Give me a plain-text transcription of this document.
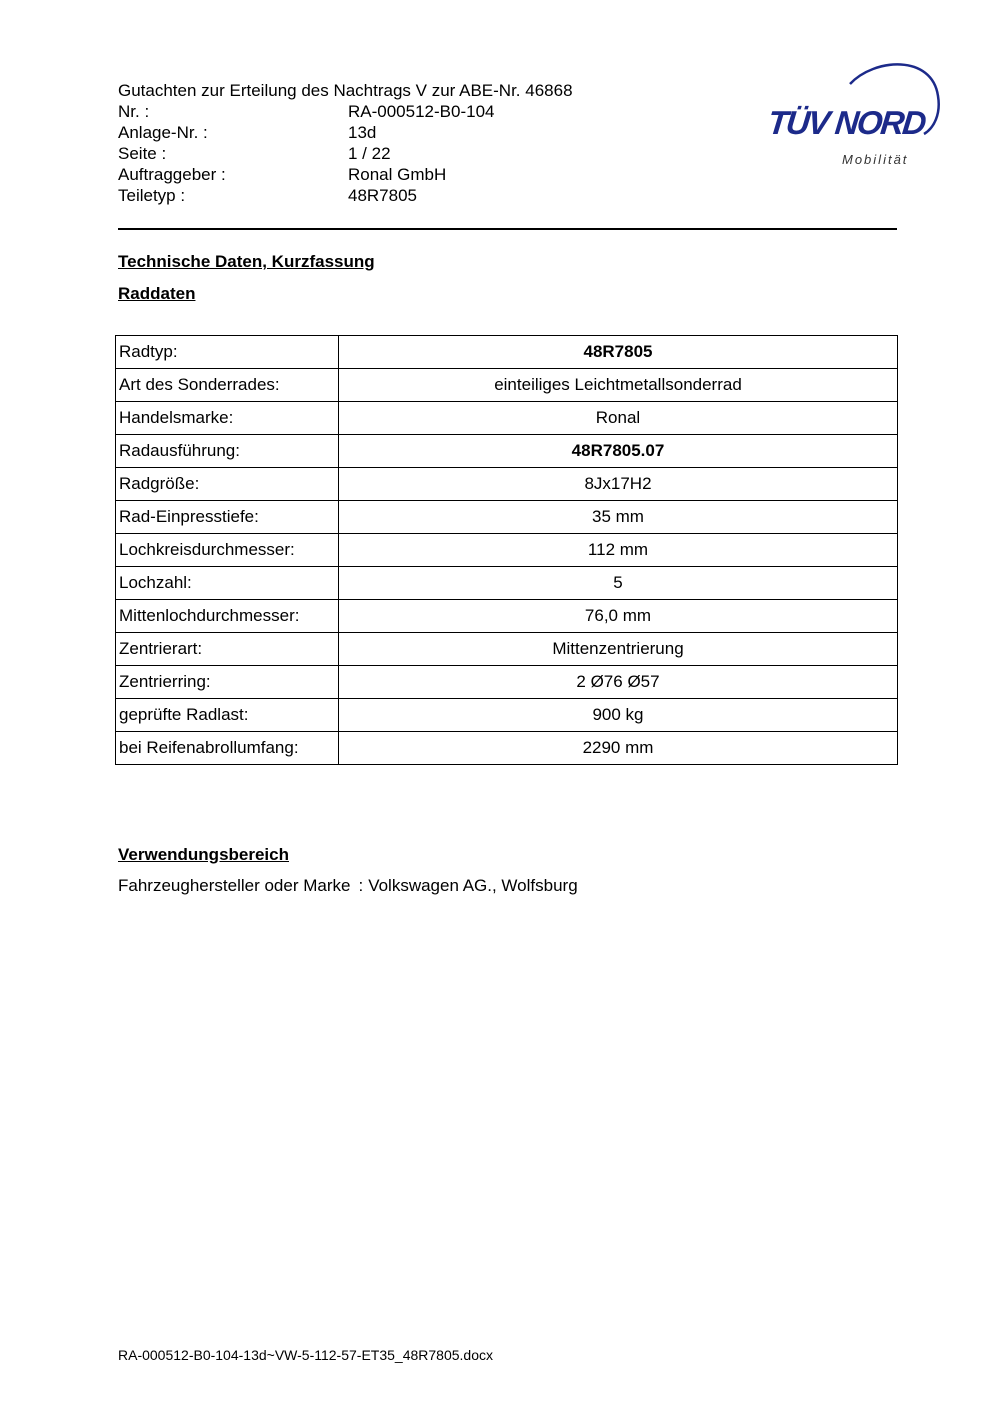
Gutachten zur Erteilung des Nachtrags V zur ABE-Nr. 46868
Nr. :	RA-000512-B0-104
Anlage-Nr. :	13d
Seite :	1 / 22
Auftraggeber :	Ronal GmbH
Teiletyp :	48R7805
TÜV NORD
Mobilität
Technische Daten, Kurzfassung
Raddaten
Radtyp:	48R7805
Art des Sonderrades:	einteiliges Leichtmetallsonderrad
Handelsmarke:	Ronal
Radausführung:	48R7805.07
Radgröße:	8Jx17H2
Rad-Einpresstiefe:	35 mm
Lochkreisdurchmesser:	112 mm
Lochzahl:	5
Mittenlochdurchmesser:	76,0 mm
Zentrierart:	Mittenzentrierung
Zentrierring:	2 Ø76 Ø57
geprüfte Radlast:	900 kg
bei Reifenabrollumfang:	2290 mm
Verwendungsbereich
Fahrzeughersteller oder Marke : Volkswagen AG., Wolfsburg
RA-000512-B0-104-13d~VW-5-112-57-ET35_48R7805.docx
